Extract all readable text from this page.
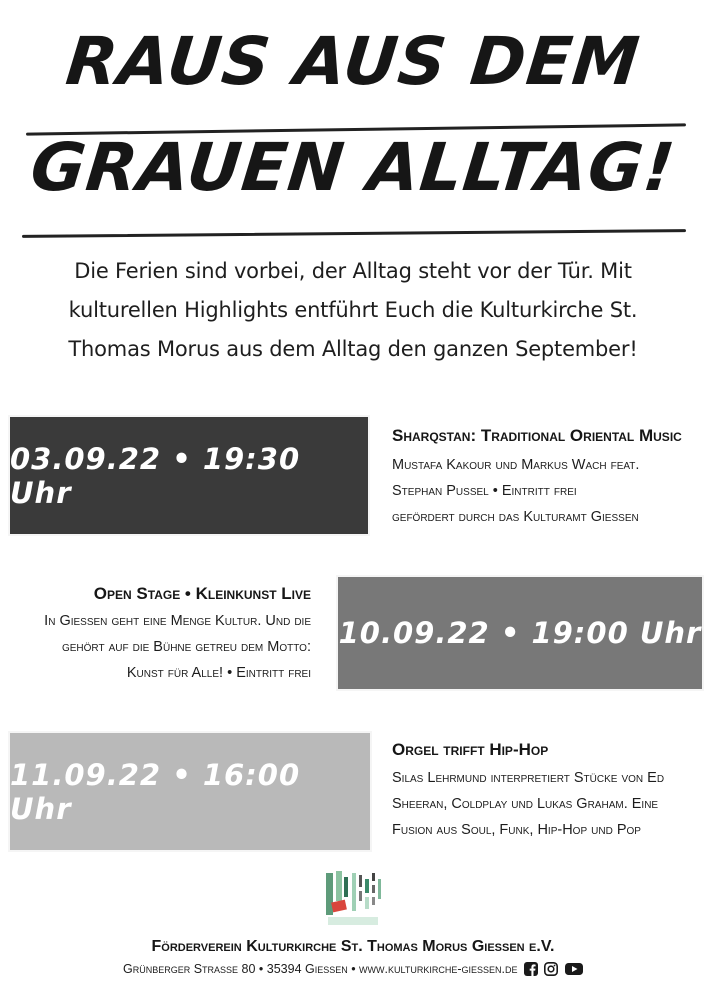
RAUS AUS DEM
GRAUEN ALLTAG!
Die Ferien sind vorbei, der Alltag steht vor der Tür. Mit
kulturellen Highlights entführt Euch die Kulturkirche St.
Thomas Morus aus dem Alltag den ganzen September!
03.09.22 • 19:30 Uhr
Sharqstan: Traditional Oriental Music
Mustafa Kakour und Markus Wach feat.
Stephan Pussel • Eintritt frei
gefördert durch das Kulturamt Gießen
Open Stage • Kleinkunst Live
In Gießen geht eine Menge Kultur. Und die
gehört auf die Bühne getreu dem Motto:
Kunst für Alle! • Eintritt frei
10.09.22 • 19:00 Uhr
11.09.22 • 16:00 Uhr
Orgel trifft Hip-Hop
Silas Lehrmund interpretiert Stücke von Ed
Sheeran, Coldplay und Lukas Graham. Eine
Fusion aus Soul, Funk, Hip-Hop und Pop
Förderverein Kulturkirche St. Thomas Morus Gießen e.V.
Grünberger Straße 80 • 35394 Gießen • www.kulturkirche-giessen.de
